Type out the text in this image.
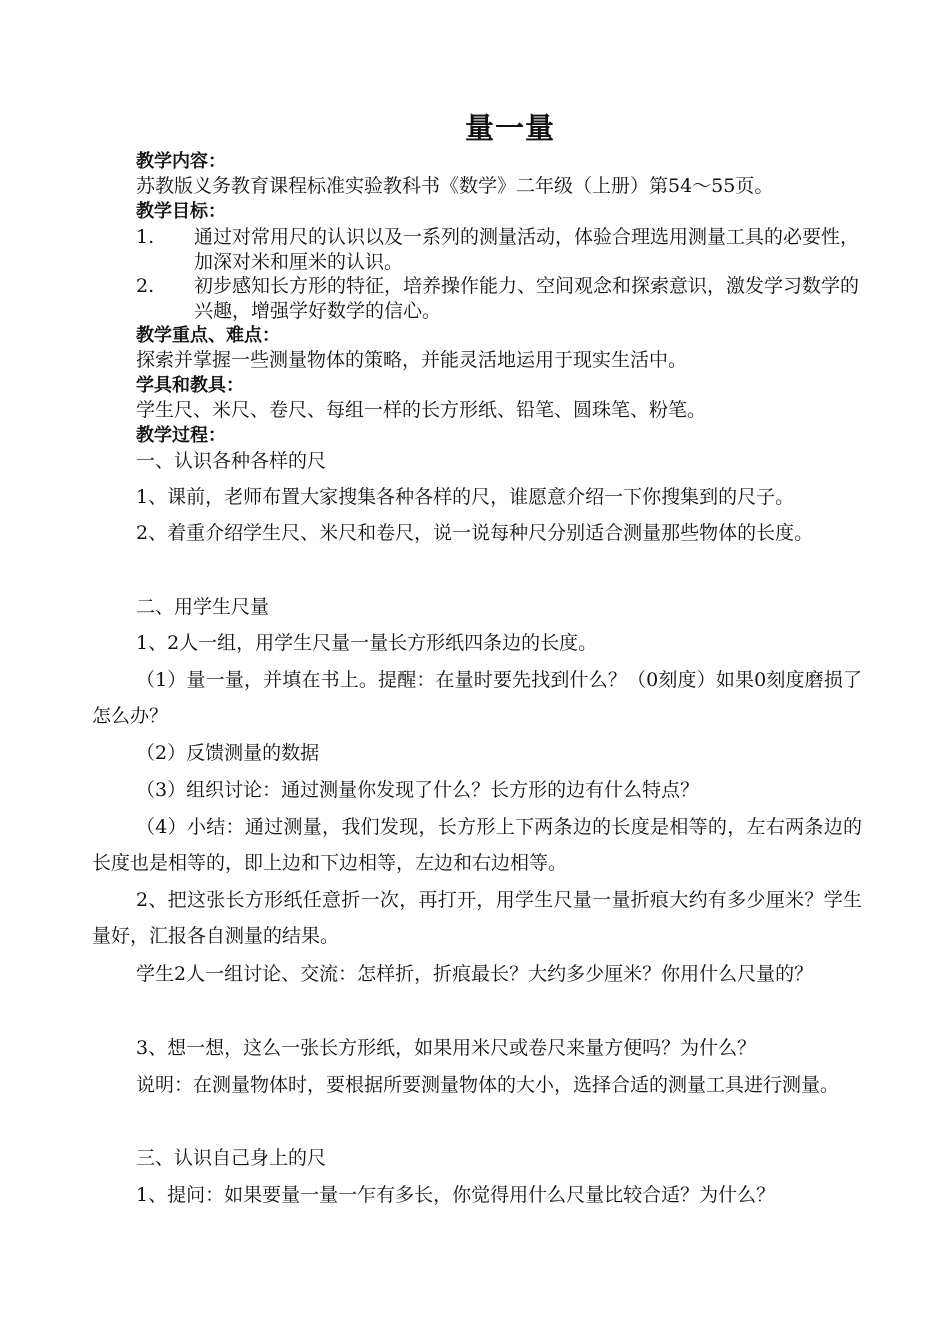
量一量
教学内容：
苏教版义务教育课程标准实验教科书《数学》二年级（上册）第54～55页。
教学目标：
1. 通过对常用尺的认识以及一系列的测量活动，体验合理选用测量工具的必要性，加深对米和厘米的认识。
2. 初步感知长方形的特征，培养操作能力、空间观念和探索意识，激发学习数学的兴趣，增强学好数学的信心。
教学重点、难点：
探索并掌握一些测量物体的策略，并能灵活地运用于现实生活中。
学具和教具：
学生尺、米尺、卷尺、每组一样的长方形纸、铅笔、圆珠笔、粉笔。
教学过程：
一、认识各种各样的尺
1、课前，老师布置大家搜集各种各样的尺，谁愿意介绍一下你搜集到的尺子。
2、着重介绍学生尺、米尺和卷尺，说一说每种尺分别适合测量那些物体的长度。
二、用学生尺量
1、2人一组，用学生尺量一量长方形纸四条边的长度。
（1）量一量，并填在书上。提醒：在量时要先找到什么？（0刻度）如果0刻度磨损了怎么办？
（2）反馈测量的数据
（3）组织讨论：通过测量你发现了什么？长方形的边有什么特点？
（4）小结：通过测量，我们发现，长方形上下两条边的长度是相等的，左右两条边的长度也是相等的，即上边和下边相等，左边和右边相等。
2、把这张长方形纸任意折一次，再打开，用学生尺量一量折痕大约有多少厘米？学生量好，汇报各自测量的结果。
学生2人一组讨论、交流：怎样折，折痕最长？大约多少厘米？你用什么尺量的？
3、想一想，这么一张长方形纸，如果用米尺或卷尺来量方便吗？为什么？
说明：在测量物体时，要根据所要测量物体的大小，选择合适的测量工具进行测量。
三、认识自己身上的尺
1、提问：如果要量一量一乍有多长，你觉得用什么尺量比较合适？为什么？
